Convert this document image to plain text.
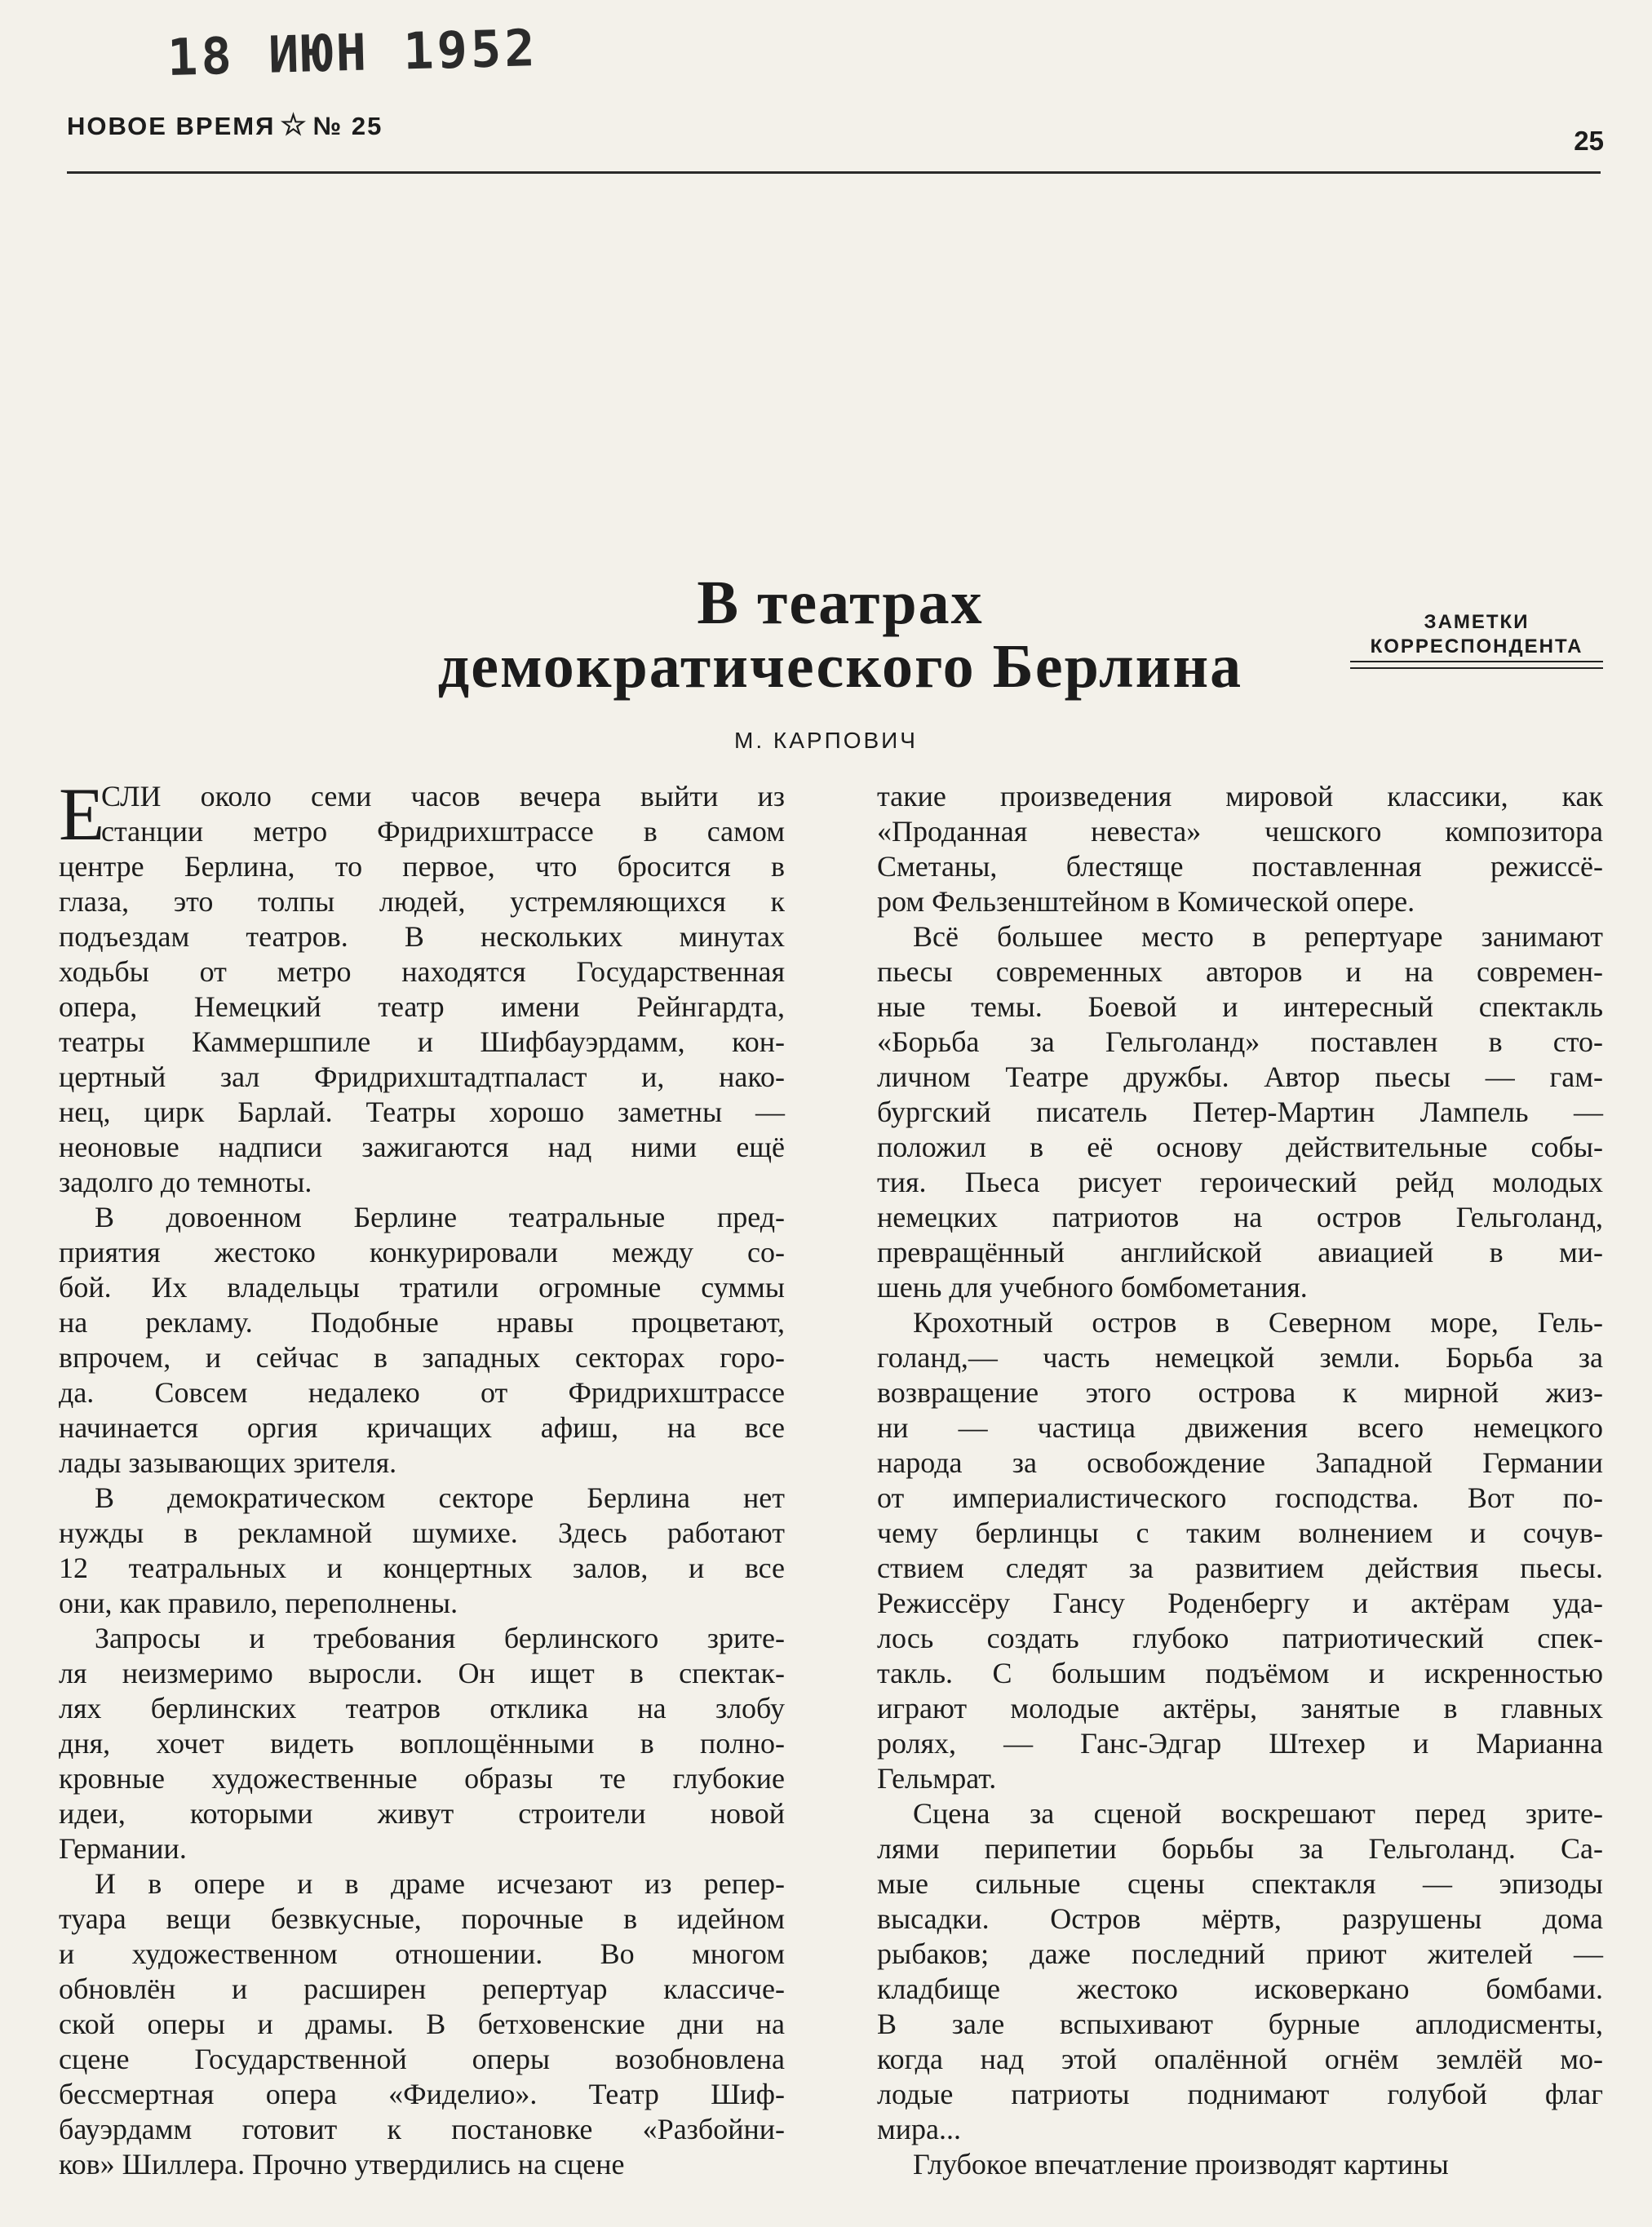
18 ИЮН 1952
НОВОЕ ВРЕМЯ ☆ № 25	25
В театрах
демократического Берлина
ЗАМЕТКИ
КОРРЕСПОНДЕНТА
М. КАРПОВИЧ
Е
СЛИ около семи часов вечера выйти из
станции метро Фридрихштрассе в самом
центре Берлина, то первое, что бросится в
глаза, это толпы людей, устремляющихся к
подъездам театров. В нескольких минутах
ходьбы от метро находятся Государственная
опера, Немецкий театр имени Рейнгардта,
театры Каммершпиле и Шифбауэрдамм, кон-
цертный зал Фридрихштадтпаласт и, нако-
нец, цирк Барлай. Театры хорошо заметны —
неоновые надписи зажигаются над ними ещё
задолго до темноты.
В довоенном Берлине театральные пред-
приятия жестоко конкурировали между со-
бой. Их владельцы тратили огромные суммы
на рекламу. Подобные нравы процветают,
впрочем, и сейчас в западных секторах горо-
да. Совсем недалеко от Фридрихштрассе
начинается оргия кричащих афиш, на все
лады зазывающих зрителя.
В демократическом секторе Берлина нет
нужды в рекламной шумихе. Здесь работают
12 театральных и концертных залов, и все
они, как правило, переполнены.
Запросы и требования берлинского зрите-
ля неизмеримо выросли. Он ищет в спектак-
лях берлинских театров отклика на злобу
дня, хочет видеть воплощёнными в полно-
кровные художественные образы те глубокие
идеи, которыми живут строители новой
Германии.
И в опере и в драме исчезают из репер-
туара вещи безвкусные, порочные в идейном
и художественном отношении. Во многом
обновлён и расширен репертуар классиче-
ской оперы и драмы. В бетховенские дни на
сцене Государственной оперы возобновлена
бессмертная опера «Фиделио». Театр Шиф-
бауэрдамм готовит к постановке «Разбойни-
ков» Шиллера. Прочно утвердились на сцене
такие произведения мировой классики, как
«Проданная невеста» чешского композитора
Сметаны, блестяще поставленная режиссё-
ром Фельзенштейном в Комической опере.
Всё большее место в репертуаре занимают
пьесы современных авторов и на современ-
ные темы. Боевой и интересный спектакль
«Борьба за Гельголанд» поставлен в сто-
личном Театре дружбы. Автор пьесы — гам-
бургский писатель Петер-Мартин Лампель —
положил в её основу действительные собы-
тия. Пьеса рисует героический рейд молодых
немецких патриотов на остров Гельголанд,
превращённый английской авиацией в ми-
шень для учебного бомбометания.
Крохотный остров в Северном море, Гель-
голанд,— часть немецкой земли. Борьба за
возвращение этого острова к мирной жиз-
ни — частица движения всего немецкого
народа за освобождение Западной Германии
от империалистического господства. Вот по-
чему берлинцы с таким волнением и сочув-
ствием следят за развитием действия пьесы.
Режиссёру Гансу Роденбергу и актёрам уда-
лось создать глубоко патриотический спек-
такль. С большим подъёмом и искренностью
играют молодые актёры, занятые в главных
ролях, — Ганс-Эдгар Штехер и Марианна
Гельмрат.
Сцена за сценой воскрешают перед зрите-
лями перипетии борьбы за Гельголанд. Са-
мые сильные сцены спектакля — эпизоды
высадки. Остров мёртв, разрушены дома
рыбаков; даже последний приют жителей —
кладбище жестоко исковеркано бомбами.
В зале вспыхивают бурные аплодисменты,
когда над этой опалённой огнём землёй мо-
лодые патриоты поднимают голубой флаг
мира...
Глубокое впечатление производят картины
